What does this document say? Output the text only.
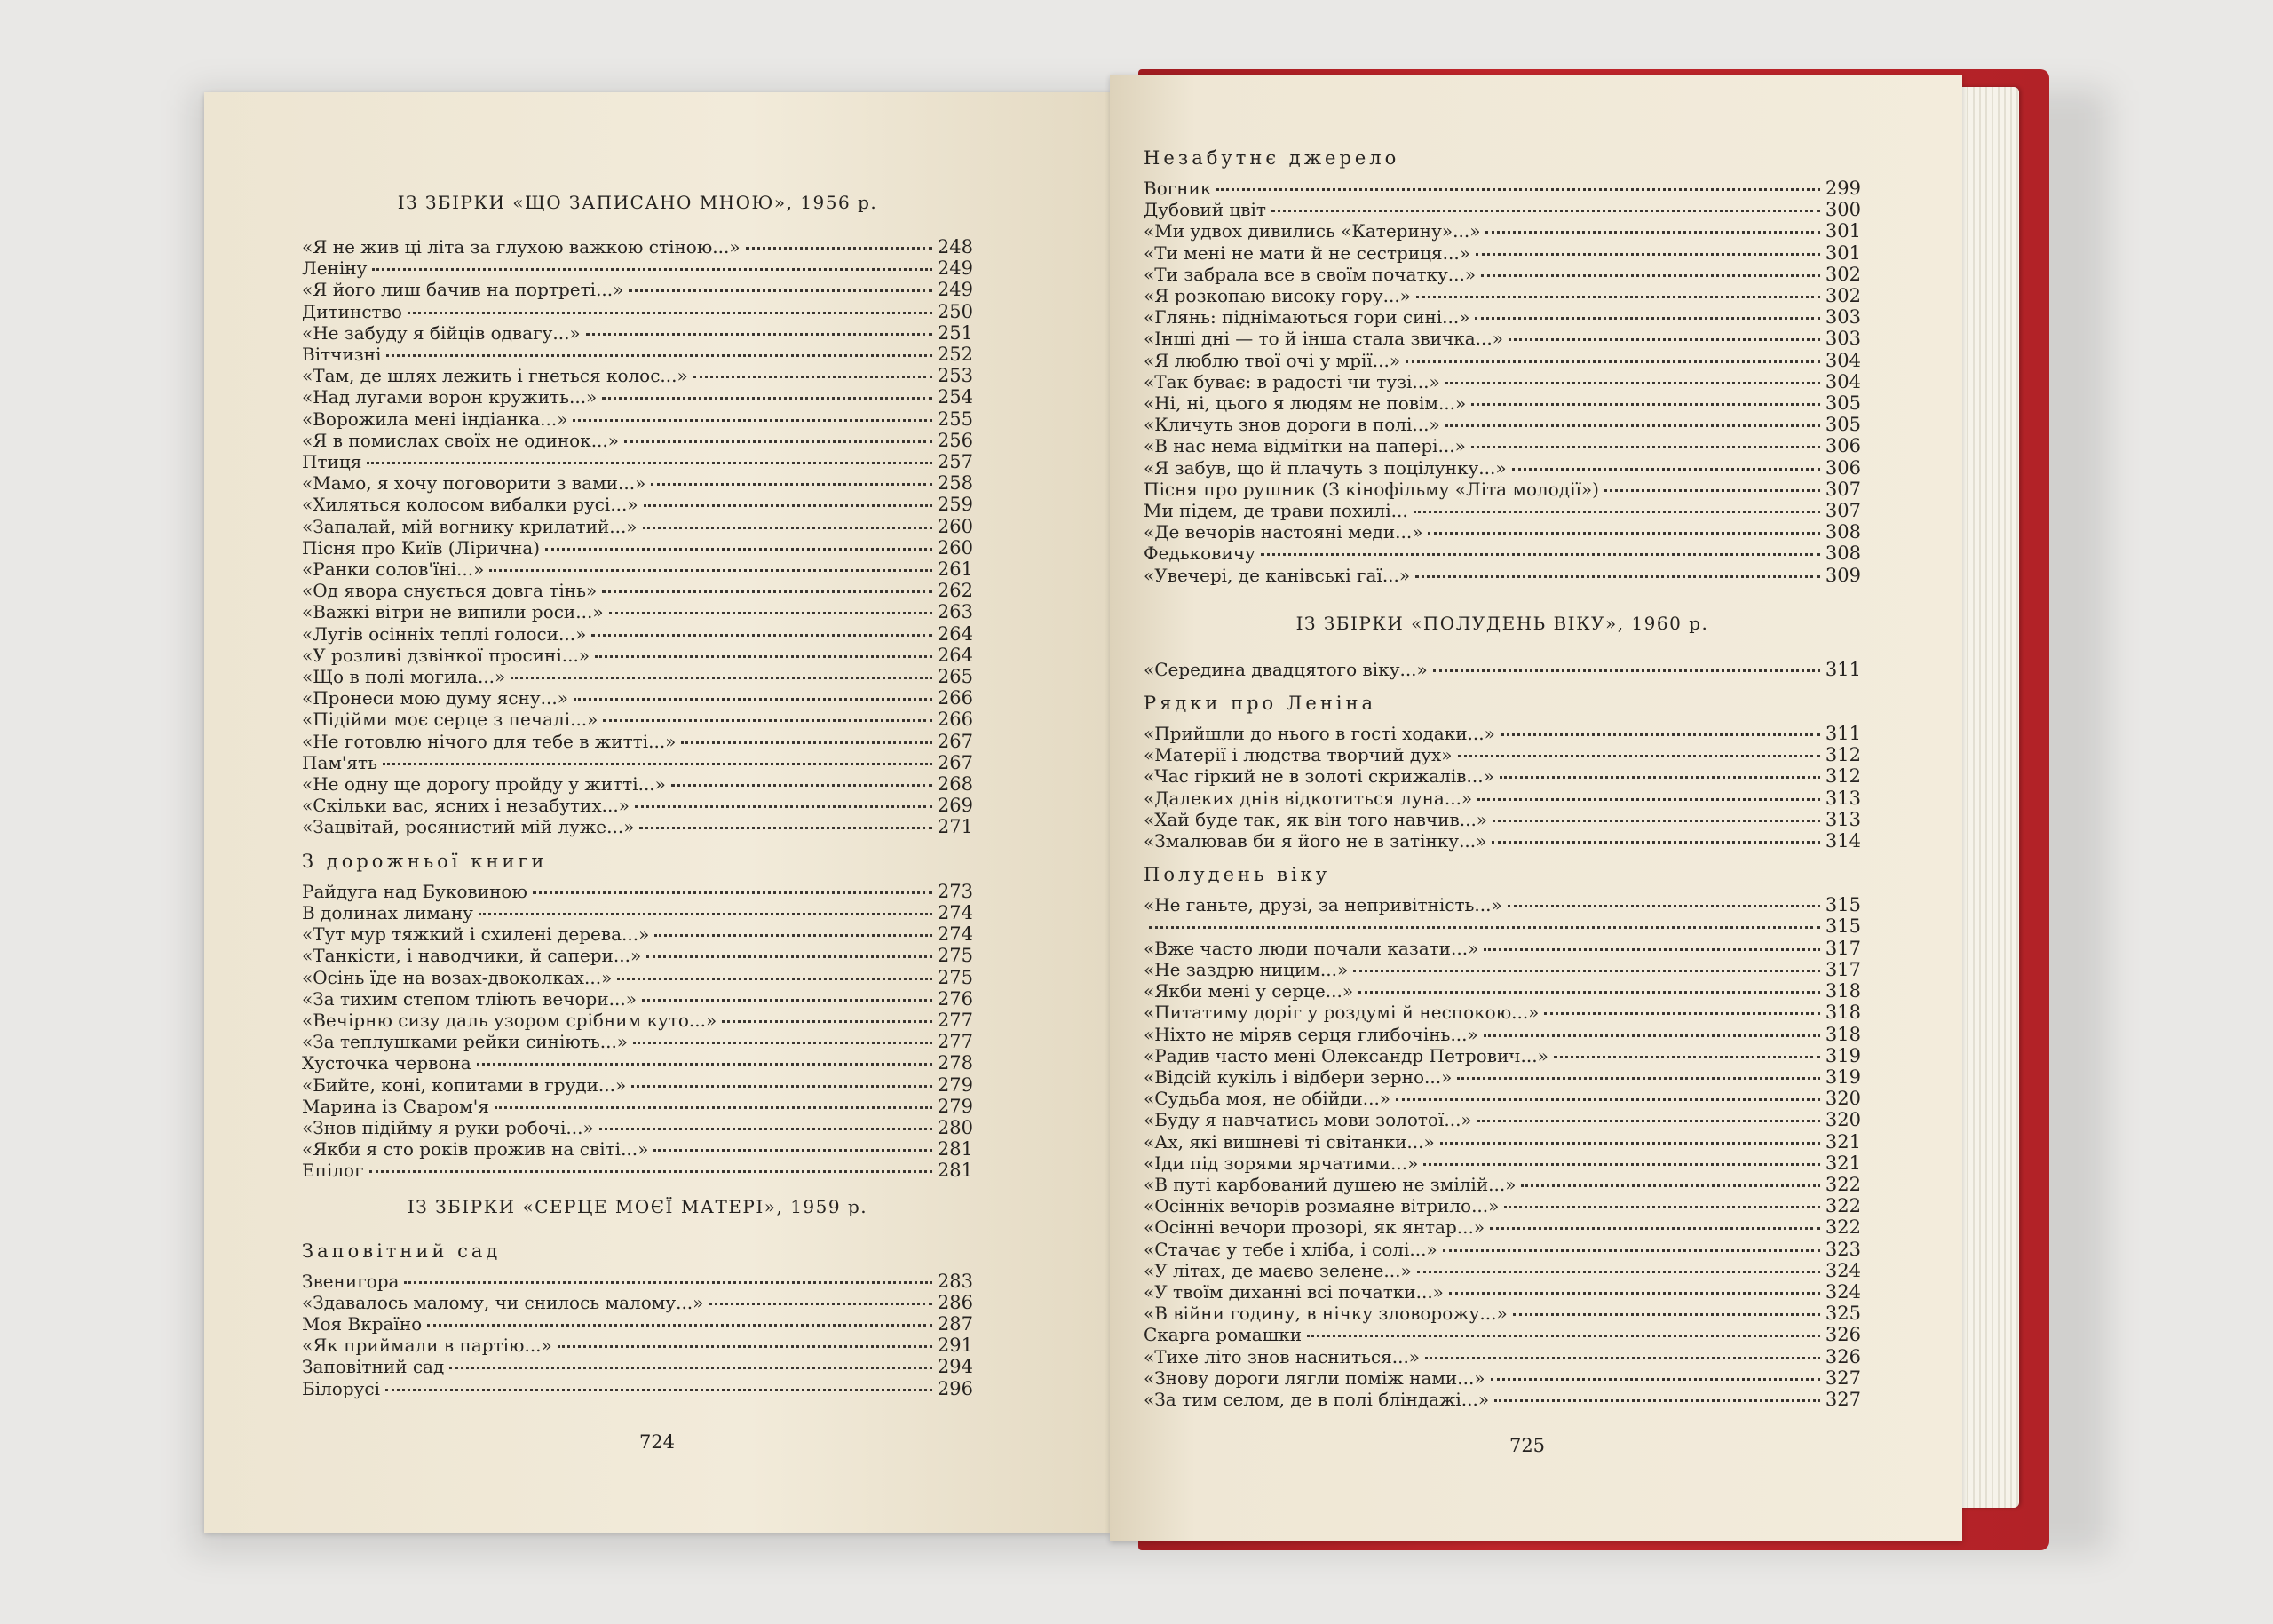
ІЗ ЗБІРКИ «ЩО ЗАПИСАНО МНОЮ», 1956 р.
«Я не жив ці літа за глухою важкою стіною...»	248
Леніну	249
«Я його лиш бачив на портреті...»	249
Дитинство	250
«Не забуду я бійців одвагу...»	251
Вітчизні	252
«Там, де шлях лежить і гнеться колос...»	253
«Над лугами ворон кружить...»	254
«Ворожила мені індіанка...»	255
«Я в помислах своїх не одинок...»	256
Птиця	257
«Мамо, я хочу поговорити з вами...»	258
«Хиляться колосом вибалки русі...»	259
«Запалай, мій вогнику крилатий...»	260
Пісня про Київ (Лірична)	260
«Ранки солов'їні...»	261
«Од явора снується довга тінь»	262
«Важкі вітри не випили роси...»	263
«Лугів осінніх теплі голоси...»	264
«У розливі дзвінкої просині...»	264
«Що в полі могила...»	265
«Пронеси мою думу ясну...»	266
«Підійми моє серце з печалі...»	266
«Не готовлю нічого для тебе в житті...»	267
Пам'ять	267
«Не одну ще дорогу пройду у житті...»	268
«Скільки вас, ясних і незабутих...»	269
«Зацвітай, росянистий мій луже...»	271
З дорожньої книги
Райдуга над Буковиною	273
В долинах лиману	274
«Тут мур тяжкий і схилені дерева...»	274
«Танкісти, і наводчики, й сапери...»	275
«Осінь їде на возах-двоколках...»	275
«За тихим степом тліють вечори...»	276
«Вечірню сизу даль узором срібним куто...»	277
«За теплушками рейки синіють...»	277
Хусточка червона	278
«Бийте, коні, копитами в груди...»	279
Марина із Сваром'я	279
«Знов підійму я руки робочі...»	280
«Якби я сто років прожив на світі...»	281
Епілог	281
ІЗ ЗБІРКИ «СЕРЦЕ МОЄЇ МАТЕРІ», 1959 р.
Заповітний сад
Звенигора	283
«Здавалось малому, чи снилось малому...»	286
Моя Вкраїно	287
«Як приймали в партію...»	291
Заповітний сад	294
Білорусі	296
724
Незабутнє джерело
Вогник	299
Дубовий цвіт	300
«Ми удвох дивились «Катерину»...»	301
«Ти мені не мати й не сестриця...»	301
«Ти забрала все в своїм початку...»	302
«Я розкопаю високу гору...»	302
«Глянь: піднімаються гори сині...»	303
«Інші дні — то й інша стала звичка...»	303
«Я люблю твої очі у мрії...»	304
«Так буває: в радості чи тузі...»	304
«Ні, ні, цього я людям не повім...»	305
«Кличуть знов дороги в полі...»	305
«В нас нема відмітки на папері...»	306
«Я забув, що й плачуть з поцілунку...»	306
Пісня про рушник (З кінофільму «Літа молодії»)	307
Ми підем, де трави похилі...	307
«Де вечорів настояні меди...»	308
Федькoвичу	308
«Увечері, де канівські гаї...»	309
ІЗ ЗБІРКИ «ПОЛУДЕНЬ ВІКУ», 1960 р.
«Середина двадцятого віку...»	311
Рядки про Леніна
«Прийшли до нього в гості ходаки...»	311
«Матерії і людства творчий дух»	312
«Час гіркий не в золоті скрижалів...»	312
«Далеких днів відкотиться луна...»	313
«Хай буде так, як він того навчив...»	313
«Змалював би я його не в затінку...»	314
Полудень віку
«Не ганьте, друзі, за непривітність...»	315
315
«Вже часто люди почали казати...»	317
«Не заздрю ницим...»	317
«Якби мені у серце...»	318
«Питатиму доріг у роздумі й неспокою...»	318
«Ніхто не міряв серця глибочінь...»	318
«Радив часто мені Олександр Петрович...»	319
«Відсій кукіль і відбери зерно...»	319
«Судьба моя, не обійди...»	320
«Буду я навчатись мови золотої...»	320
«Ах, які вишневі ті світанки...»	321
«Іди під зорями ярчатими...»	321
«В путі карбований душею не змілій...»	322
«Осінніх вечорів розмаяне вітрило...»	322
«Осінні вечори прозорі, як янтар...»	322
«Стачає у тебе і хліба, і солі...»	323
«У літах, де маєво зелене...»	324
«У твоїм диханні всі початки...»	324
«В війни годину, в нічку зловорожу...»	325
Скарга ромашки	326
«Тихе літо знов насниться...»	326
«Знову дороги лягли поміж нами...»	327
«За тим селом, де в полі бліндажі...»	327
725
